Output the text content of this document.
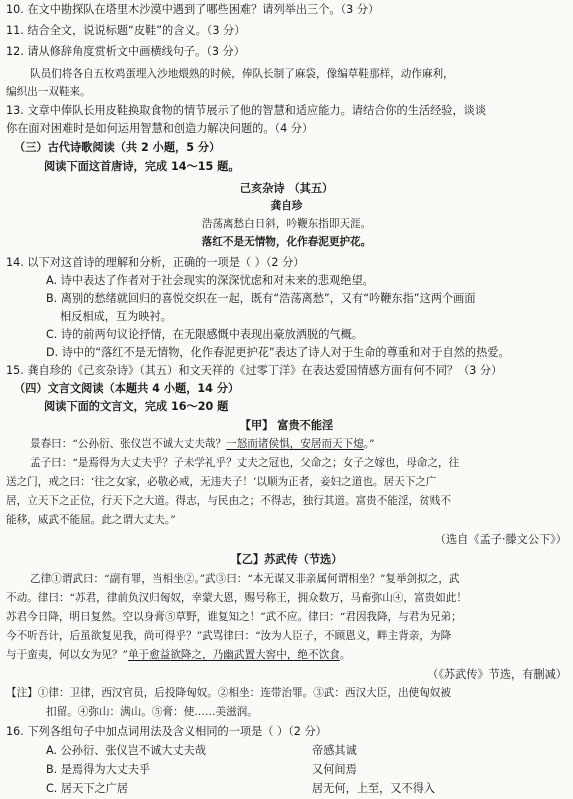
10. 在文中勘探队在塔里木沙漠中遇到了哪些困难？请列举出三个。（3 分）
11. 结合全文，说说标题“皮鞋”的含义。（3 分）
12. 请从修辞角度赏析文中画横线句子。（3 分）
队员们将各自五枚鸡蛋埋入沙地煨熟的时候，俸队长制了麻袋，像编草鞋那样，动作麻利，
编织出一双鞋来。
13. 文章中俸队长用皮鞋换取食物的情节展示了他的智慧和适应能力。请结合你的生活经验，谈谈
你在面对困难时是如何运用智慧和创造力解决问题的。（4 分）
（三）古代诗歌阅读（共 2 小题，5 分）
阅读下面这首唐诗，完成 14～15 题。
己亥杂诗 （其五）
龚自珍
浩荡离愁白日斜，吟鞭东指即天涯。
落红不是无情物，化作春泥更护花。
14. 以下对这首诗的理解和分析，正确的一项是（ ）（2 分）
A. 诗中表达了作者对于社会现实的深深忧虑和对未来的悲观绝望。
B. 离别的愁绪就回归的喜悦交织在一起，既有“浩荡离愁”，又有“吟鞭东指”这两个画面
相反相成，互为映衬。
C. 诗的前两句议论抒情，在无限感慨中表现出豪放洒脱的气概。
D. 诗中的“落红不是无情物，化作春泥更护花”表达了诗人对于生命的尊重和对于自然的热爱。
15. 龚自珍的《己亥杂诗》（其五）和文天祥的《过零丁洋》在表达爱国情感方面有何不同？（3 分）
（四）文言文阅读（本题共 4 小题，14 分）
阅读下面的文言文，完成 16～20 题
【甲】 富贵不能淫
景春曰：“公孙衍、张仪岂不诚大丈夫哉？一怒而诸侯惧，安居而天下熄。”
孟子曰：“是焉得为大丈夫乎？子未学礼乎？丈夫之冠也，父命之；女子之嫁也，母命之，往
送之门，戒之曰：‘往之女家，必敬必戒，无违夫子！’以顺为正者，妾妇之道也。居天下之广
居，立天下之正位，行天下之大道。得志，与民由之；不得志，独行其道。富贵不能淫，贫贱不
能移，威武不能屈。此之谓大丈夫。”
（选自《孟子·滕文公下》）
【乙】苏武传（节选）
乙律①谓武曰：“副有罪，当相坐②。”武③曰：“本无谋又非亲属何谓相坐？”复举剑拟之，武
不动。律曰：“苏君，律前负汉归匈奴，幸蒙大恩，赐号称王，拥众数万，马畜弥山④，富贵如此！
苏君今日降，明日复然。空以身膏⑤草野，谁复知之！”武不应。律曰：“君因我降，与君为兄弟；
今不听吾计，后虽欲复见我，尚可得乎？”武骂律曰：“汝为人臣子，不顾恩义，畔主背亲，为降
与于蛮夷，何以女为见？”单于愈益欲降之，乃幽武置大窖中，绝不饮食。
（《苏武传》节选，有删减）
【注】①律：卫律，西汉官员，后投降匈奴。②相坐：连带治罪。③武：西汉大臣，出使匈奴被
扣留。④弥山：满山。⑤膏：使……美滋润。
16. 下列各组句子中加点词用法及含义相同的一项是（ ）（2 分）
A. 公孙衍、张仪岂不诚大丈夫哉	帝感其诚
B. 是焉得为大丈夫乎	又何间焉
C. 居天下之广居	居无何，上至，又不得入
